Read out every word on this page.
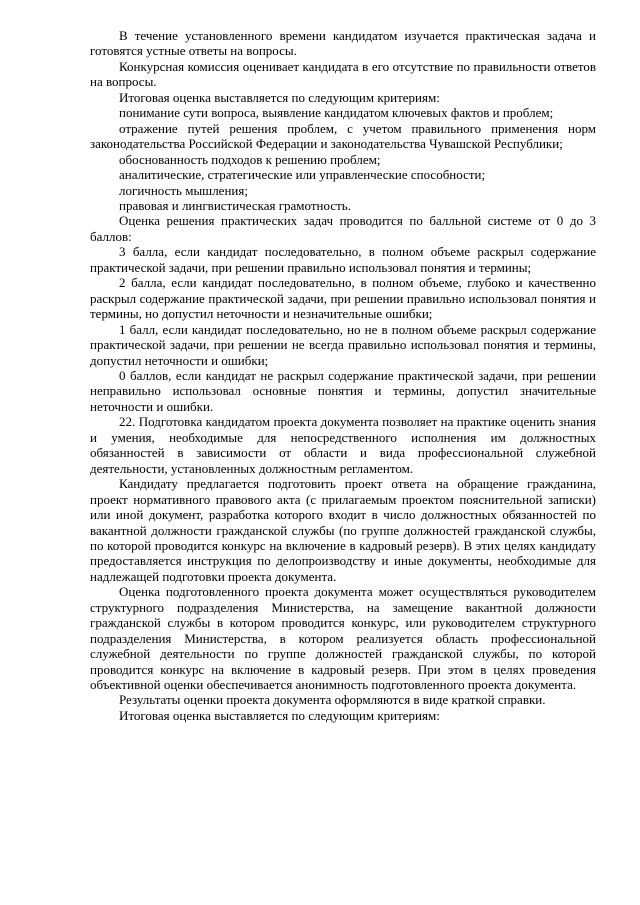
В течение установленного времени кандидатом изучается практическая задача и готовятся устные ответы на вопросы.

Конкурсная комиссия оценивает кандидата в его отсутствие по правильности ответов на вопросы.

Итоговая оценка выставляется по следующим критериям:

понимание сути вопроса, выявление кандидатом ключевых фактов и проблем;

отражение путей решения проблем, с учетом правильного применения норм законодательства Российской Федерации и законодательства Чувашской Республики;

обоснованность подходов к решению проблем;

аналитические, стратегические или управленческие способности;

логичность мышления;

правовая и лингвистическая грамотность.

Оценка решения практических задач проводится по балльной системе от 0 до 3 баллов:

3 балла, если кандидат последовательно, в полном объеме раскрыл содержание практической задачи, при решении правильно использовал понятия и термины;

2 балла, если кандидат последовательно, в полном объеме, глубоко и качественно раскрыл содержание практической задачи, при решении правильно использовал понятия и термины, но допустил неточности и незначительные ошибки;

1 балл, если кандидат последовательно, но не в полном объеме раскрыл содержание практической задачи, при решении не всегда правильно использовал понятия и термины, допустил неточности и ошибки;

0 баллов, если кандидат не раскрыл содержание практической задачи, при решении неправильно использовал основные понятия и термины, допустил значительные неточности и ошибки.

22. Подготовка кандидатом проекта документа позволяет на практике оценить знания и умения, необходимые для непосредственного исполнения им должностных обязанностей в зависимости от области и вида профессиональной служебной деятельности, установленных должностным регламентом.

Кандидату предлагается подготовить проект ответа на обращение гражданина, проект нормативного правового акта (с прилагаемым проектом пояснительной записки) или иной документ, разработка которого входит в число должностных обязанностей по вакантной должности гражданской службы (по группе должностей гражданской службы, по которой проводится конкурс на включение в кадровый резерв). В этих целях кандидату предоставляется инструкция по делопроизводству и иные документы, необходимые для надлежащей подготовки проекта документа.

Оценка подготовленного проекта документа может осуществляться руководителем структурного подразделения Министерства, на замещение вакантной должности гражданской службы в котором проводится конкурс, или руководителем структурного подразделения Министерства, в котором реализуется область профессиональной служебной деятельности по группе должностей гражданской службы, по которой проводится конкурс на включение в кадровый резерв. При этом в целях проведения объективной оценки обеспечивается анонимность подготовленного проекта документа.

Результаты оценки проекта документа оформляются в виде краткой справки.

Итоговая оценка выставляется по следующим критериям:
